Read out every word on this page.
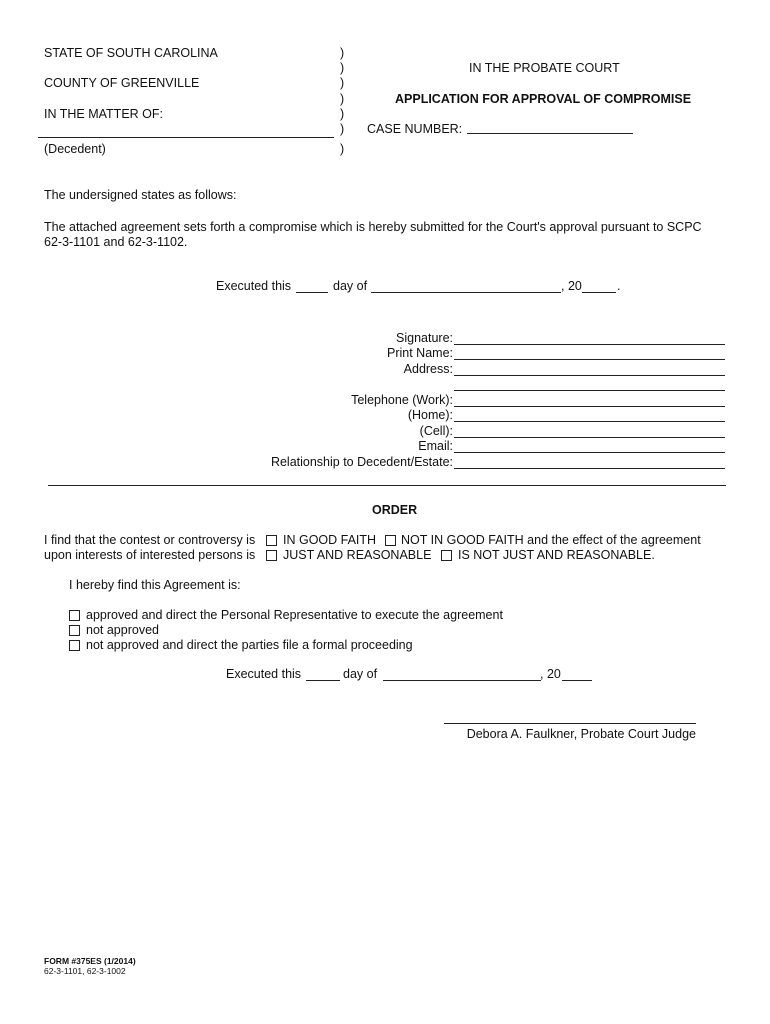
STATE OF SOUTH CAROLINA
COUNTY OF GREENVILLE
IN THE MATTER OF:
(Decedent)
)
)
)
)
)
)
)
IN THE PROBATE COURT
APPLICATION FOR APPROVAL OF COMPROMISE
CASE NUMBER:
The undersigned states as follows:
The attached agreement sets forth a compromise which is hereby submitted for the Court's approval pursuant to SCPC
62-3-1101 and 62-3-1102.
Executed this	day of	, 20	.
Signature:
Print Name:
Address:
Telephone (Work):
(Home):
(Cell):
Email:
Relationship to Decedent/Estate:
ORDER
I find that the contest or controversy is IN GOOD FAITH NOT IN GOOD FAITH and the effect of the agreement
upon interests of interested persons is JUST AND REASONABLE IS NOT JUST AND REASONABLE.
I hereby find this Agreement is:
approved and direct the Personal Representative to execute the agreement
not approved
not approved and direct the parties file a formal proceeding
Executed this	day of	, 20
Debora A. Faulkner, Probate Court Judge
FORM #375ES (1/2014)
62-3-1101, 62-3-1002
